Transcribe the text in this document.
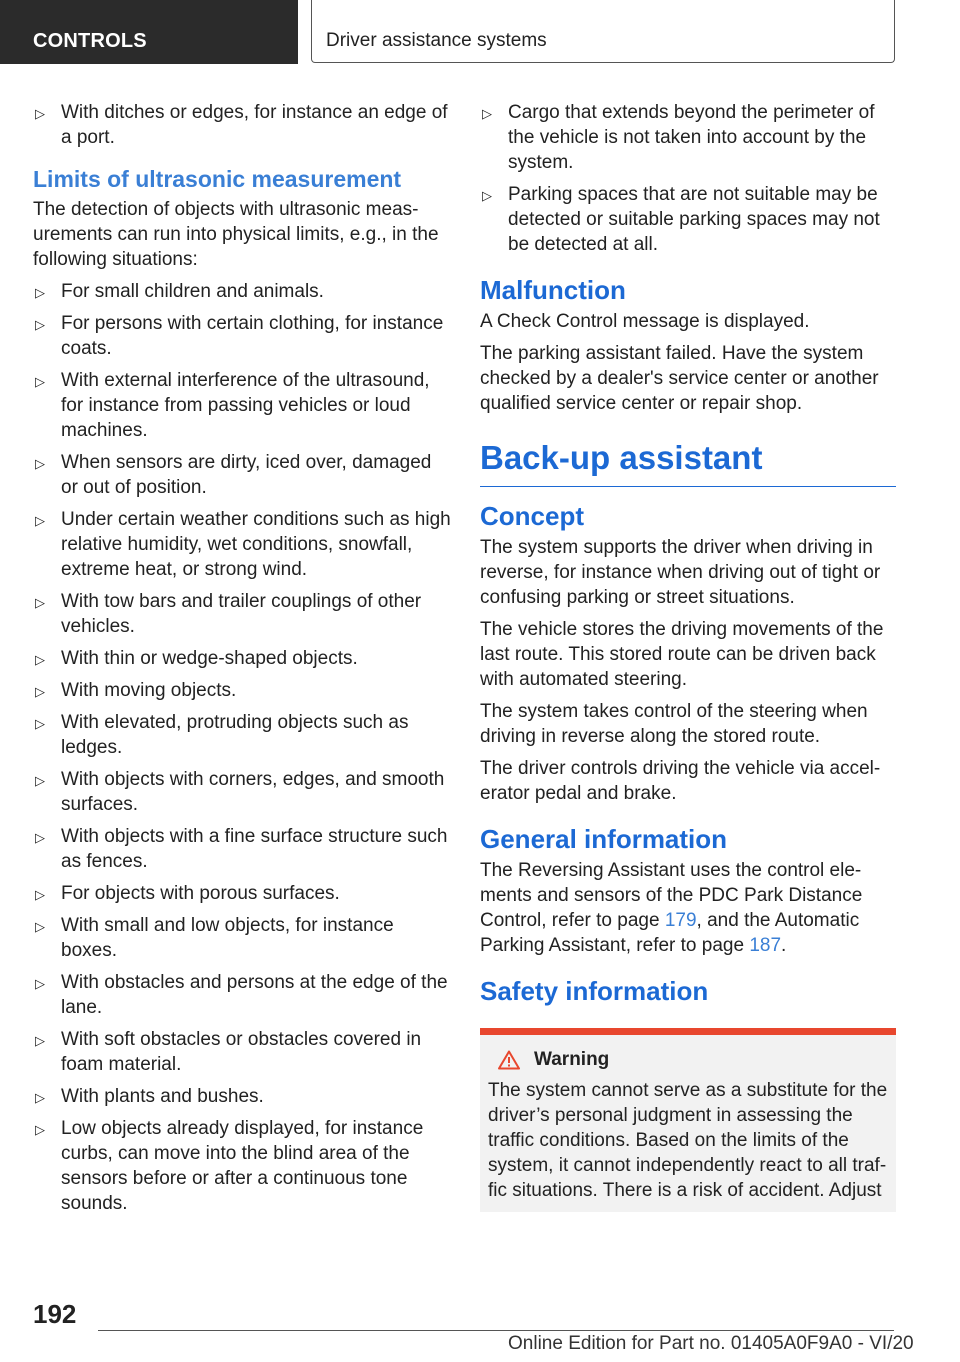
CONTROLS	Driver assistance systems
▷ With ditches or edges, for instance an edge of a port.
Limits of ultrasonic measurement

The detection of objects with ultrasonic measurements can run into physical limits, e.g., in the following situations:

▷ For small children and animals.
▷ For persons with certain clothing, for instance coats.
▷ With external interference of the ultrasound, for instance from passing vehicles or loud machines.
▷ When sensors are dirty, iced over, damaged or out of position.
▷ Under certain weather conditions such as high relative humidity, wet conditions, snowfall, extreme heat, or strong wind.
▷ With tow bars and trailer couplings of other vehicles.
▷ With thin or wedge-shaped objects.
▷ With moving objects.
▷ With elevated, protruding objects such as ledges.
▷ With objects with corners, edges, and smooth surfaces.
▷ With objects with a fine surface structure such as fences.
▷ For objects with porous surfaces.
▷ With small and low objects, for instance boxes.
▷ With obstacles and persons at the edge of the lane.
▷ With soft obstacles or obstacles covered in foam material.
▷ With plants and bushes.
▷ Low objects already displayed, for instance curbs, can move into the blind area of the sensors before or after a continuous tone sounds.
▷ Cargo that extends beyond the perimeter of the vehicle is not taken into account by the system.
▷ Parking spaces that are not suitable may be detected or suitable parking spaces may not be detected at all.
Malfunction

A Check Control message is displayed.

The parking assistant failed. Have the system checked by a dealer's service center or another qualified service center or repair shop.

Back-up assistant
Concept

The system supports the driver when driving in reverse, for instance when driving out of tight or confusing parking or street situations.

The vehicle stores the driving movements of the last route. This stored route can be driven back with automated steering.

The system takes control of the steering when driving in reverse along the stored route.

The driver controls driving the vehicle via accelerator pedal and brake.

General information

The Reversing Assistant uses the control elements and sensors of the PDC Park Distance Control, refer to page 179, and the Automatic Parking Assistant, refer to page 187.

Safety information
Warning

The system cannot serve as a substitute for the driver’s personal judgment in assessing the traffic conditions. Based on the limits of the system, it cannot independently react to all traffic situations. There is a risk of accident. Adjust

192
Online Edition for Part no. 01405A0F9A0 - VI/20
